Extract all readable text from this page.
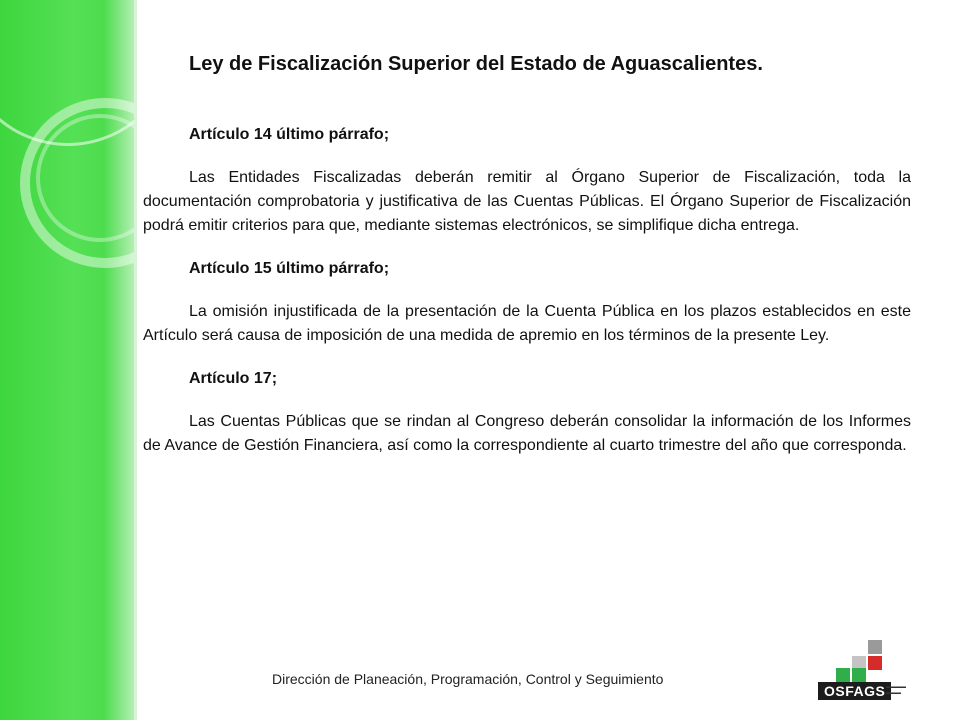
Ley de Fiscalización Superior del Estado de Aguascalientes.
Artículo 14 último párrafo;

Las Entidades Fiscalizadas deberán remitir al Órgano Superior de Fiscalización, toda la documentación comprobatoria y justificativa de las Cuentas Públicas. El Órgano Superior de Fiscalización podrá emitir criterios para que, mediante sistemas electrónicos, se simplifique dicha entrega.

Artículo 15 último párrafo;

La omisión injustificada de la presentación de la Cuenta Pública en los plazos establecidos en este Artículo será causa de imposición de una medida de apremio en los términos de la presente Ley.

Artículo 17;

Las Cuentas Públicas que se rindan al Congreso deberán consolidar la información de los Informes de Avance de Gestión Financiera, así como la correspondiente al cuarto trimestre del año que corresponda.

Dirección de Planeación, Programación, Control y Seguimiento
OSFAGS ▬▬▬▬
▬▬▬
